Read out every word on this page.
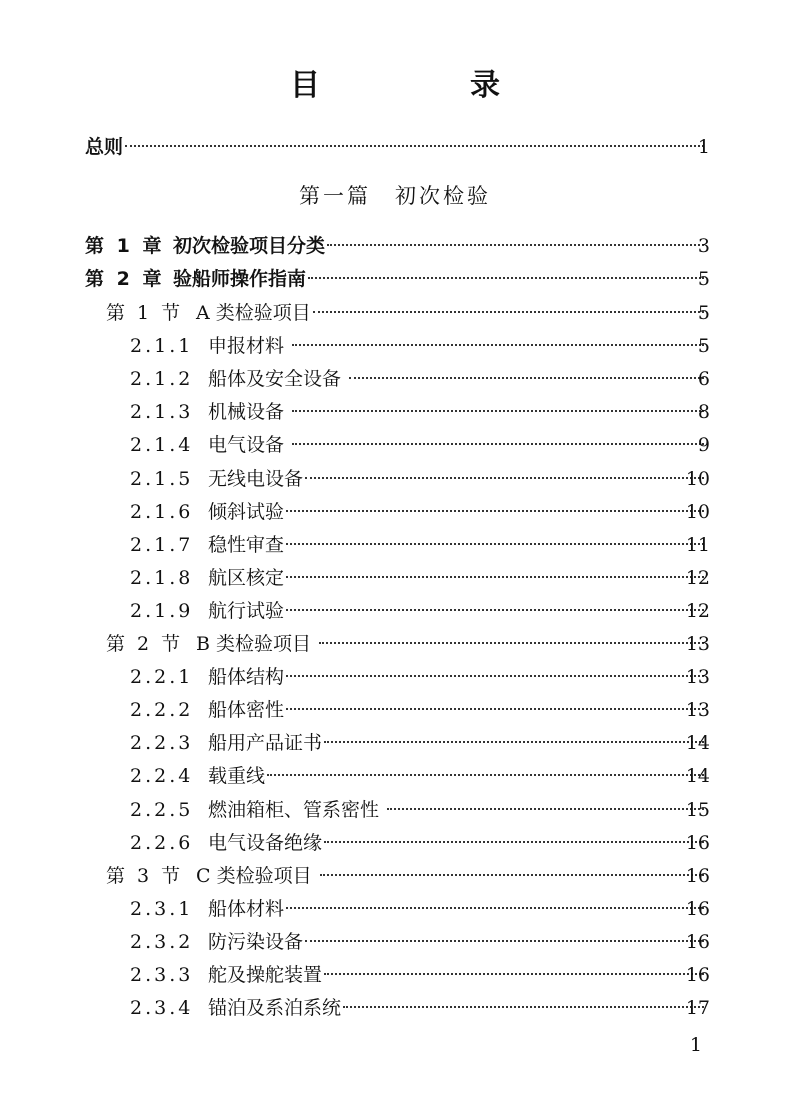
目　录
总则	1
第一篇　初次检验
第 1 章 初次检验项目分类	3
第 2 章 验船师操作指南	5
第 1 节 A 类检验项目	5
2.1.1 申报材料	5
2.1.2 船体及安全设备	6
2.1.3 机械设备	8
2.1.4 电气设备	9
2.1.5 无线电设备	10
2.1.6 倾斜试验	10
2.1.7 稳性审查	11
2.1.8 航区核定	12
2.1.9 航行试验	12
第 2 节 B 类检验项目	13
2.2.1 船体结构	13
2.2.2 船体密性	13
2.2.3 船用产品证书	14
2.2.4 载重线	14
2.2.5 燃油箱柜、管系密性	15
2.2.6 电气设备绝缘	16
第 3 节 C 类检验项目	16
2.3.1 船体材料	16
2.3.2 防污染设备	16
2.3.3 舵及操舵装置	16
2.3.4 锚泊及系泊系统	17
1
